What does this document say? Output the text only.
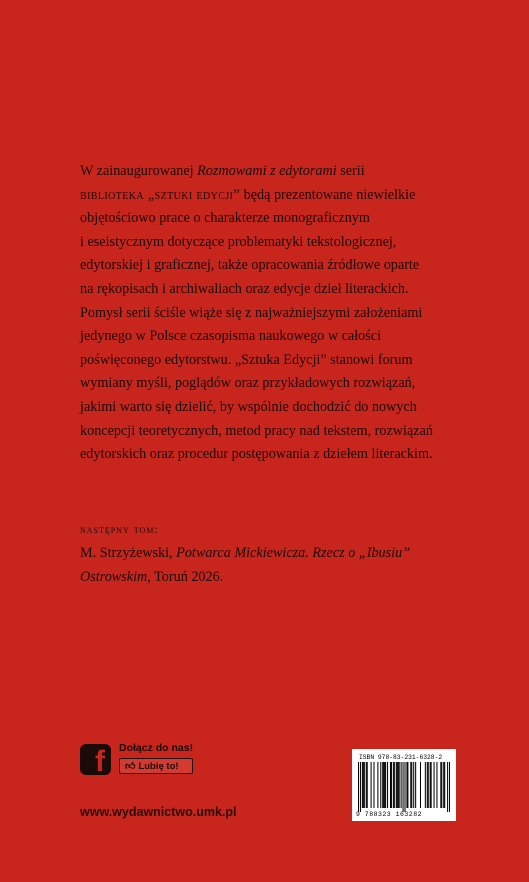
W zainaugurowanej Rozmowami z edytorami serii
biblioteka „sztuki edycji” będą prezentowane niewielkie
objętościowo prace o charakterze monograficznym
i eseistycznym dotyczące problematyki tekstologicznej,
edytorskiej i graficznej, także opracowania źródłowe oparte
na rękopisach i archiwaliach oraz edycje dzieł literackich.
Pomysł serii ściśle wiąże się z najważniejszymi założeniami
jedynego w Polsce czasopisma naukowego w całości
poświęconego edytorstwu. „Sztuka Edycji” stanowi forum
wymiany myśli, poglądów oraz przykładowych rozwiązań,
jakimi warto się dzielić, by wspólnie dochodzić do nowych
koncepcji teoretycznych, metod pracy nad tekstem, rozwiązań
edytorskich oraz procedur postępowania z dziełem literackim.
następny tom:
M. Strzyżewski, Potwarca Mickiewicza. Rzecz o „Ibusiu”
Ostrowskim, Toruń 2026.
f Dołącz do nas!
👍︎ Lubię to!
www.wydawnictwo.umk.pl
ISBN 978-83-231-6328-2
9 788323 163282
